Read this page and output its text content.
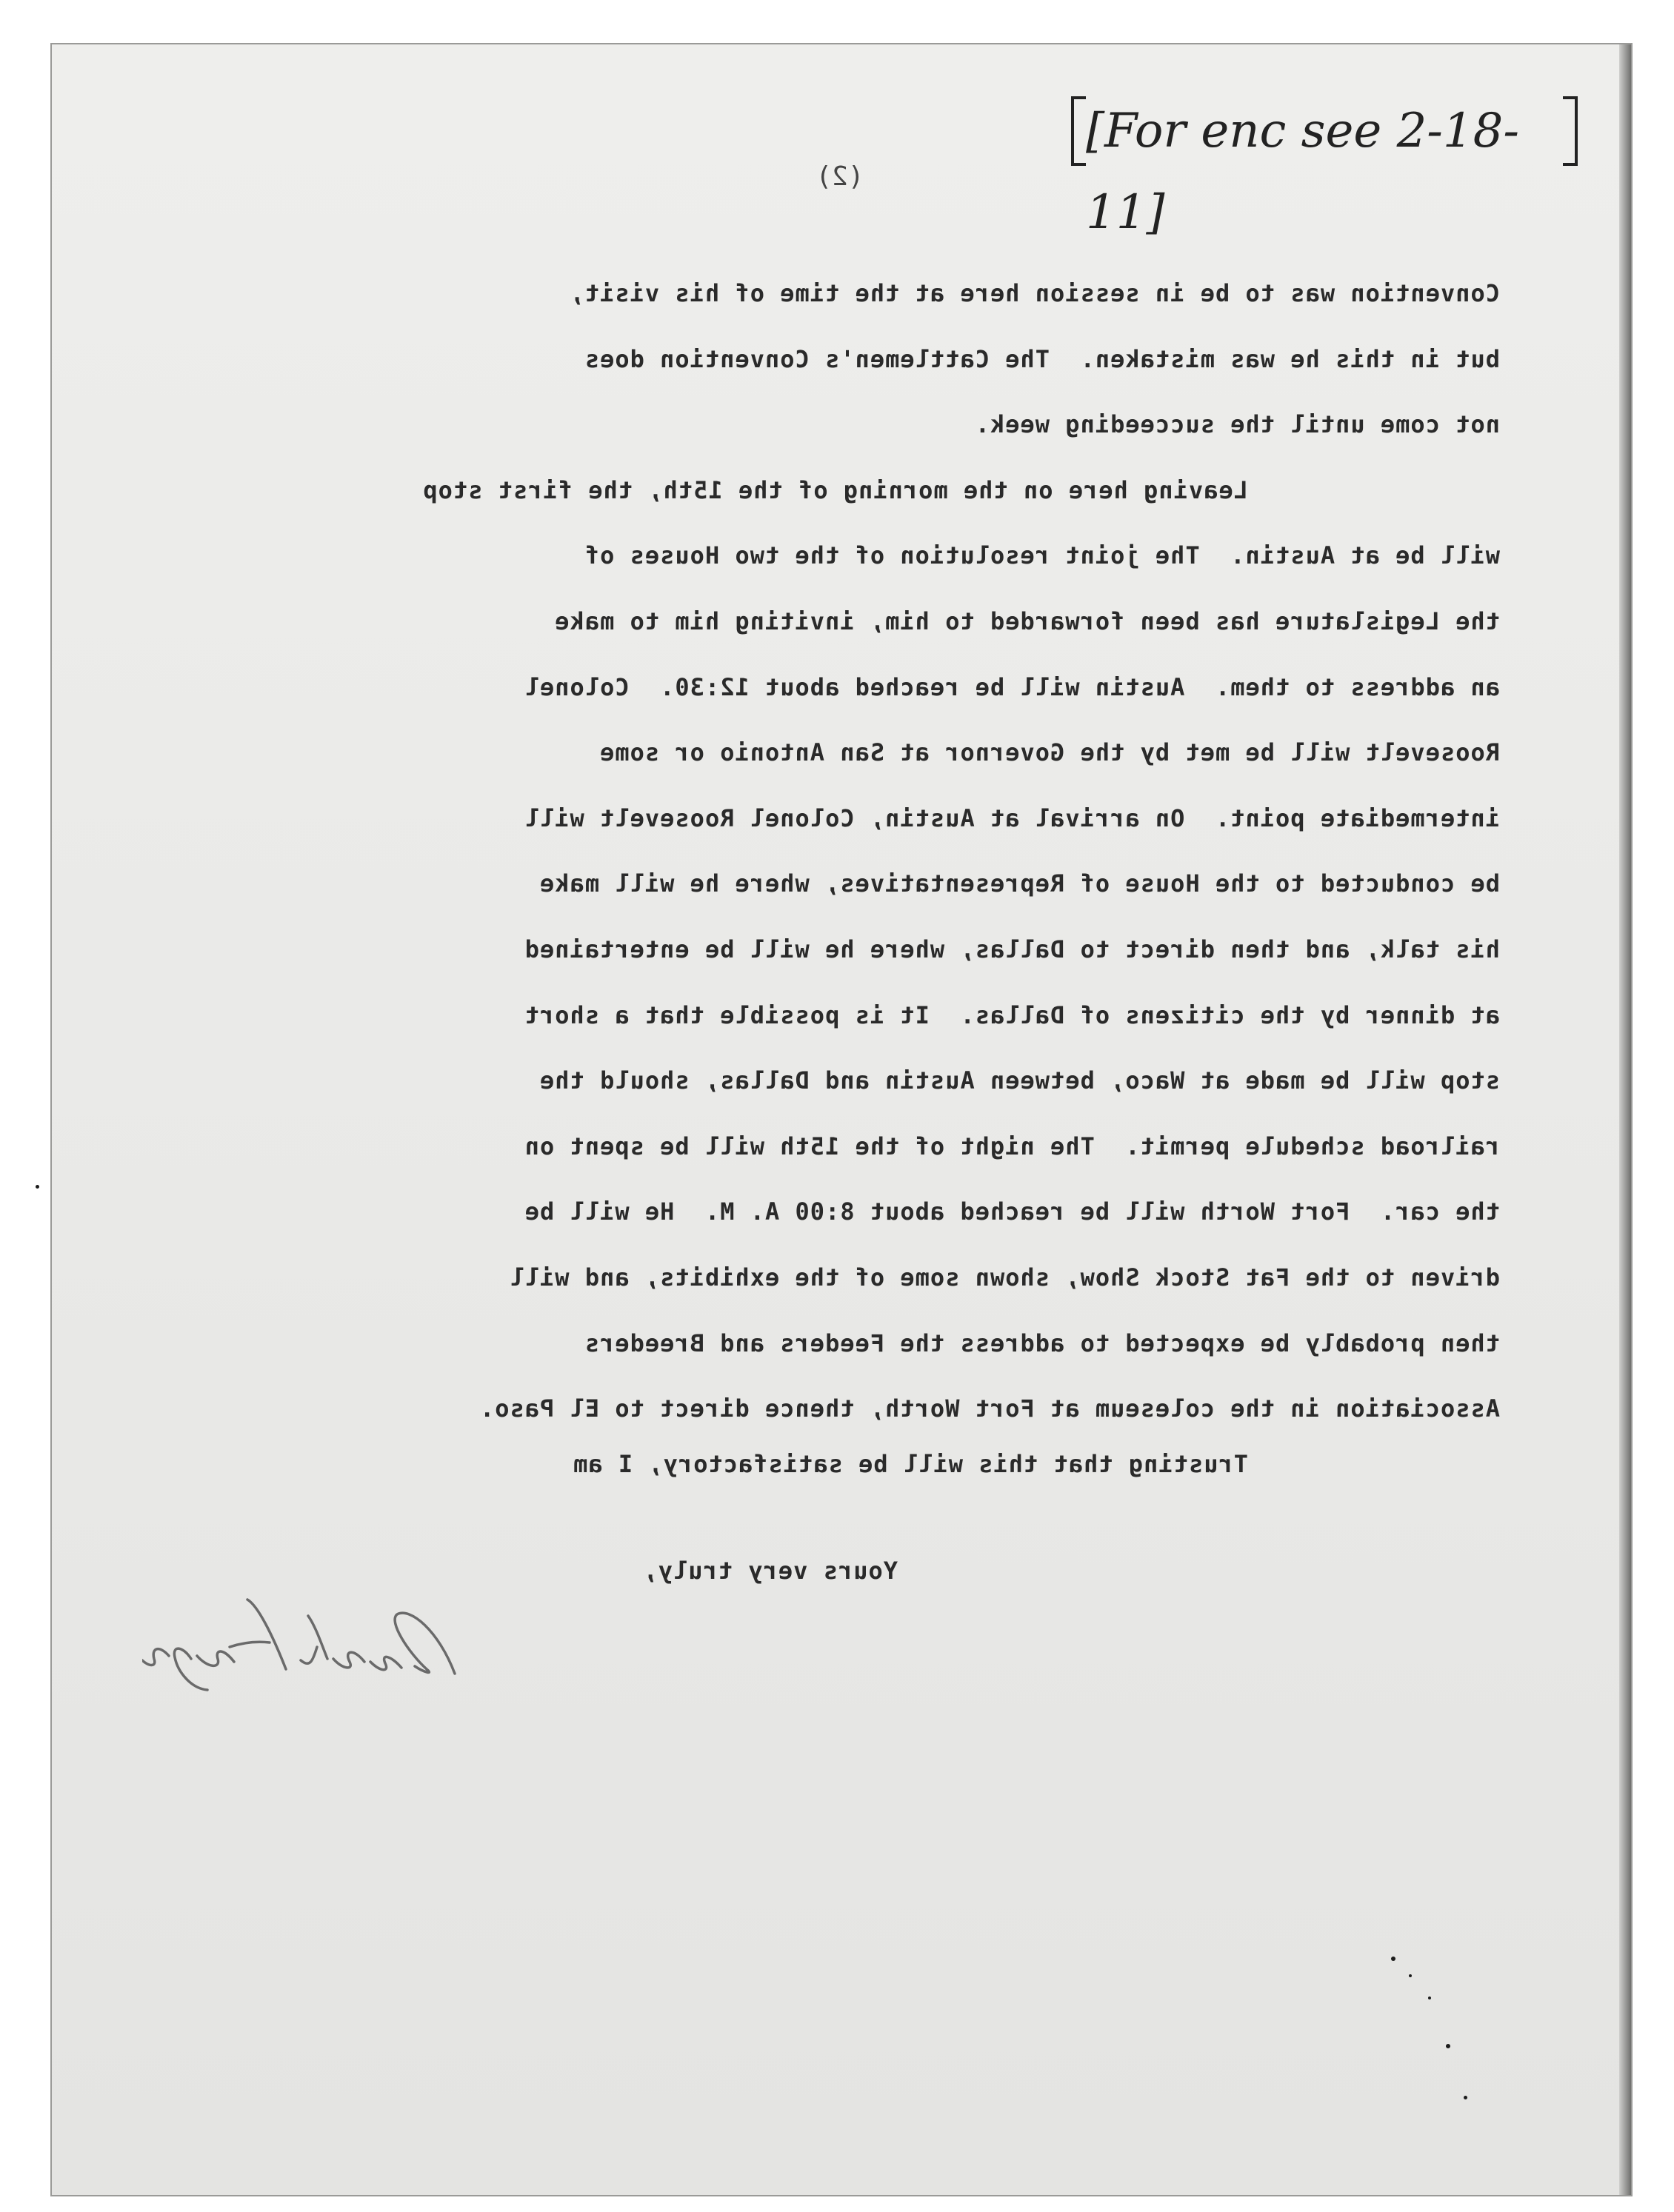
[For enc see 2-18-11]
(2)
Convention was to be in session here at the time of his visit,
but in this he was mistaken.  The Cattlemen's Convention does
not come until the succeeding week.
Leaving here on the morning of the 15th, the first stop
will be at Austin.  The joint resolution of the two Houses of
the Legislature has been forwarded to him, inviting him to make
an address to them.  Austin will be reached about 12:30.  Colonel
Roosevelt will be met by the Governor at San Antonio or some
intermediate point.  On arrival at Austin, Colonel Roosevelt will
be conducted to the House of Representatives, where he will make
his talk, and then direct to Dallas, where he will be entertained
at dinner by the citizens of Dallas.  It is possible that a short
stop will be made at Waco, between Austin and Dallas, should the
railroad schedule permit.  The night of the 15th will be spent on
the car.  Fort Worth will be reached about 8:00 A. M.  He will be
driven to the Fat Stock Show, shown some of the exhibits, and will
then probably be expected to address the Feeders and Breeders
Association in the coleseum at Fort Worth, thence direct to El Paso.
Trusting that this will be satisfactory, I am
Yours very truly,
